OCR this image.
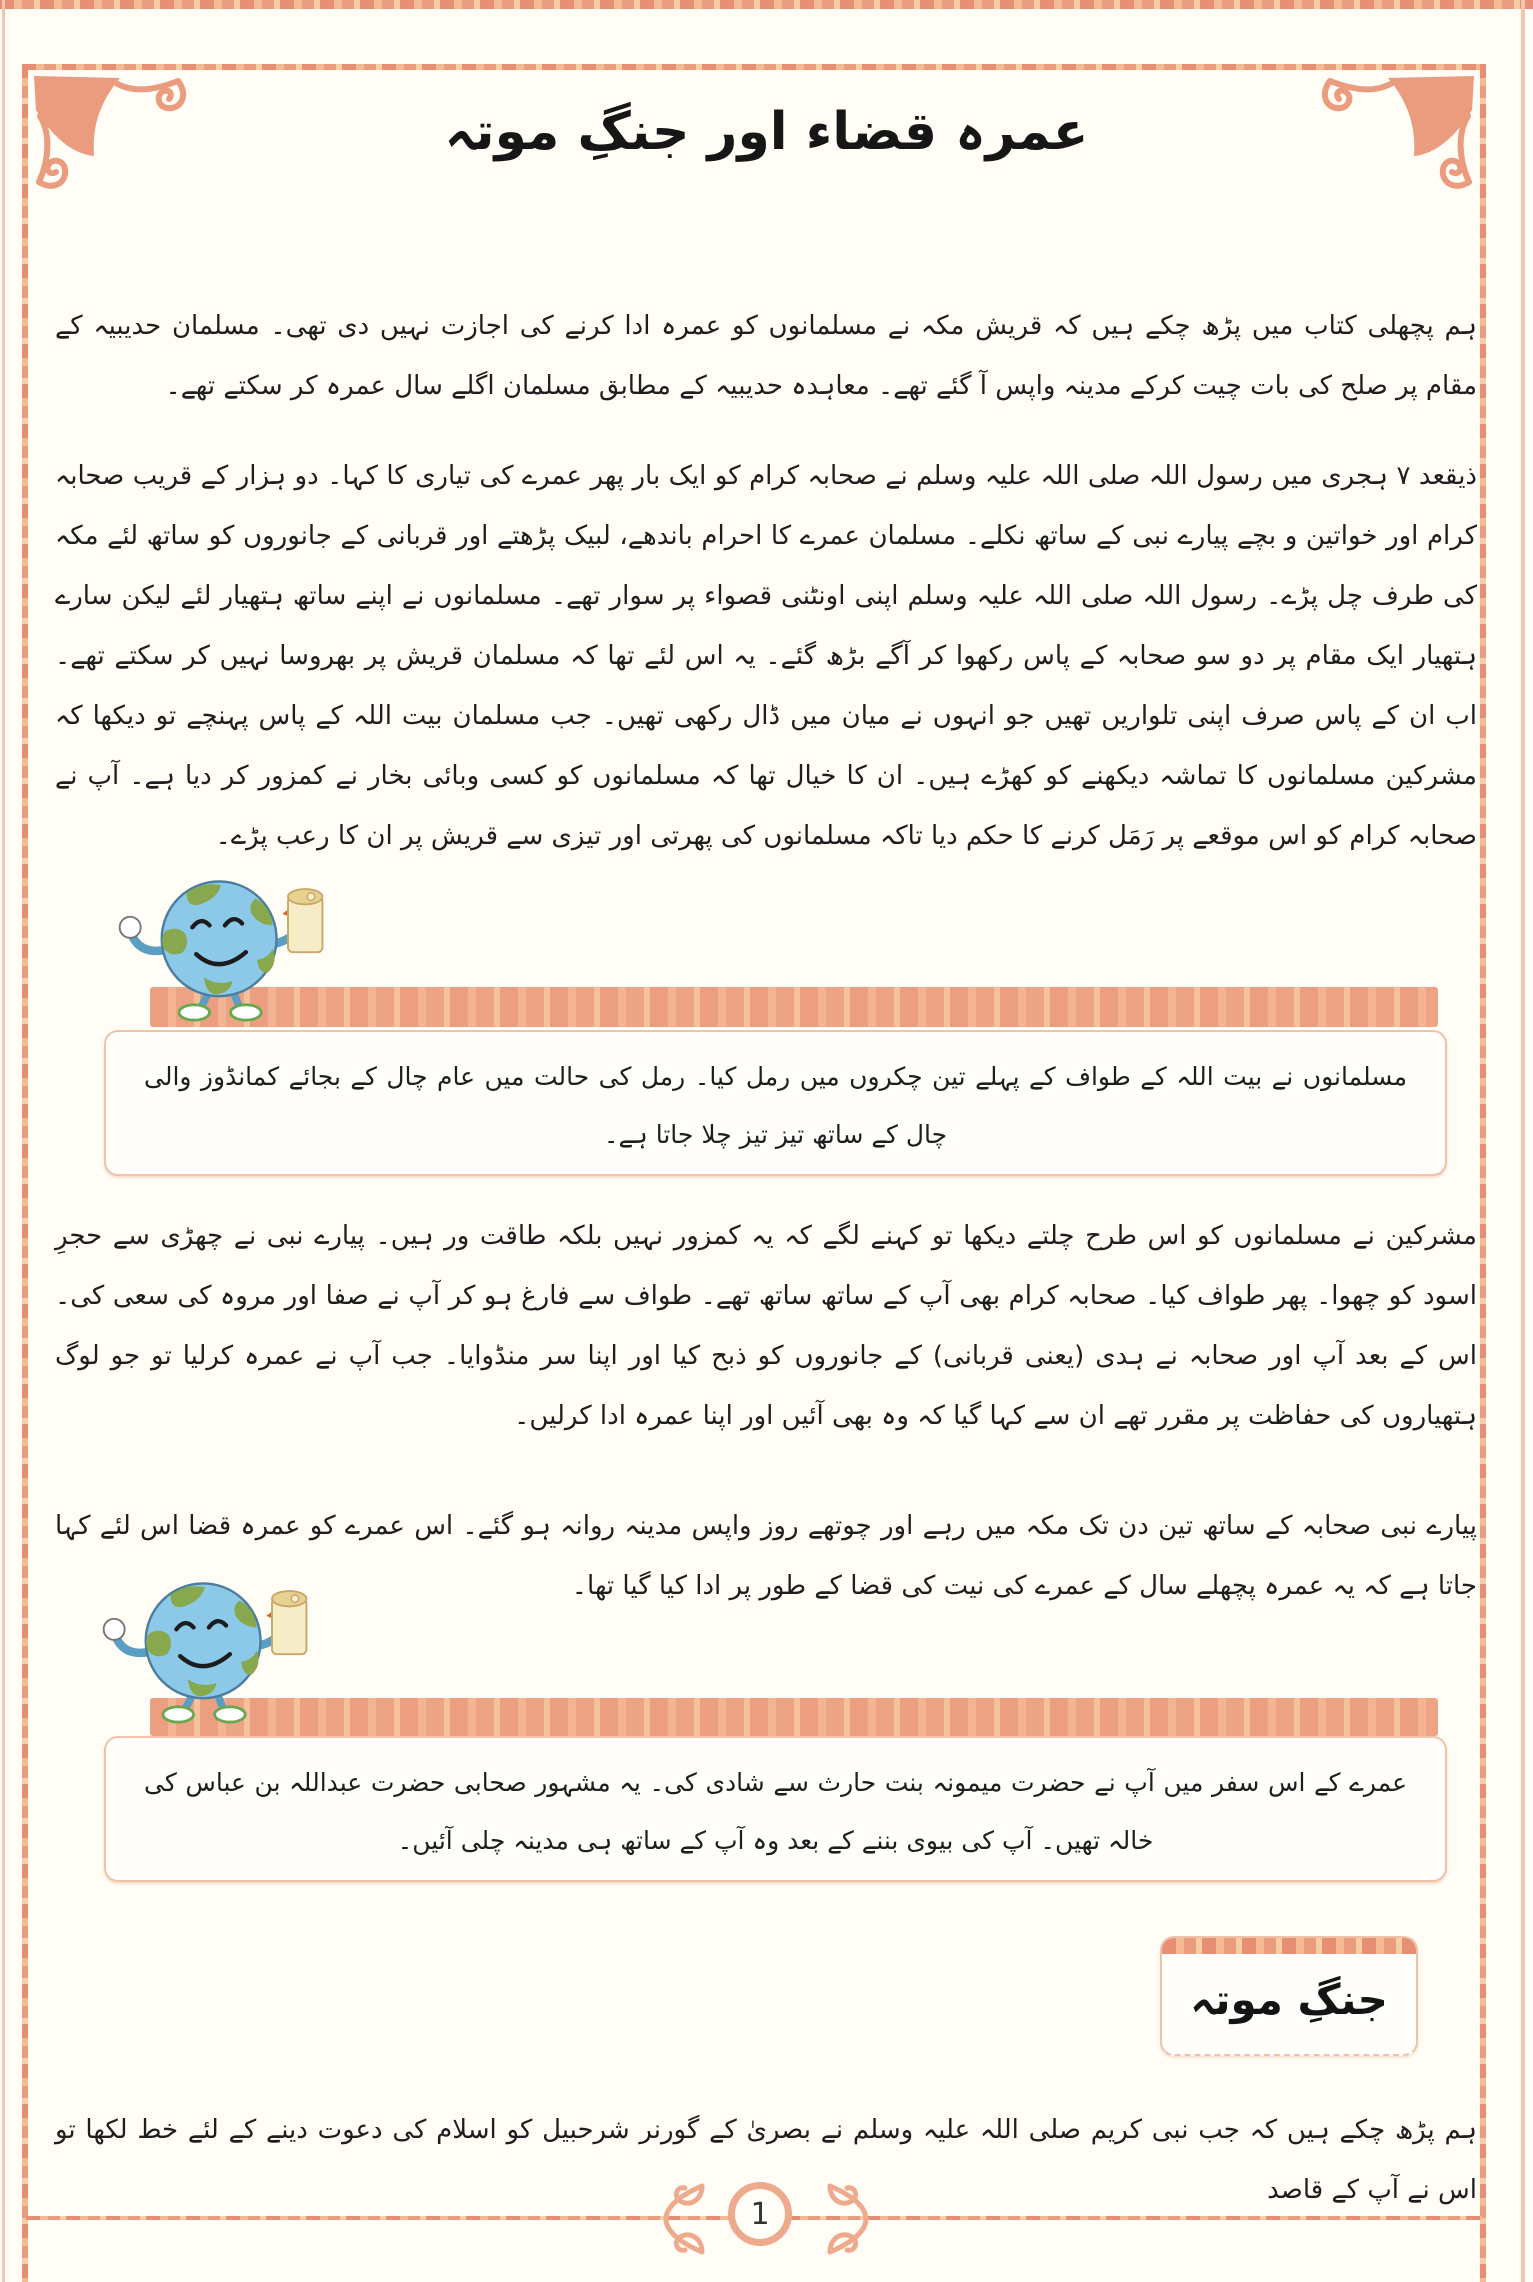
عمرہ قضاء اور جنگِ موتہ
ہم پچھلی کتاب میں پڑھ چکے ہیں کہ قریش مکہ نے مسلمانوں کو عمرہ ادا کرنے کی اجازت نہیں دی تھی۔ مسلمان حدیبیہ کے مقام پر صلح کی بات چیت کرکے مدینہ واپس آ گئے تھے۔ معاہدہ حدیبیہ کے مطابق مسلمان اگلے سال عمرہ کر سکتے تھے۔
ذیقعد ۷ ہجری میں رسول اللہ صلی اللہ علیہ وسلم نے صحابہ کرام کو ایک بار پھر عمرے کی تیاری کا کہا۔ دو ہزار کے قریب صحابہ کرام اور خواتین و بچے پیارے نبی کے ساتھ نکلے۔ مسلمان عمرے کا احرام باندھے، لبیک پڑھتے اور قربانی کے جانوروں کو ساتھ لئے مکہ کی طرف چل پڑے۔ رسول اللہ صلی اللہ علیہ وسلم اپنی اونٹنی قصواء پر سوار تھے۔ مسلمانوں نے اپنے ساتھ ہتھیار لئے لیکن سارے ہتھیار ایک مقام پر دو سو صحابہ کے پاس رکھوا کر آگے بڑھ گئے۔ یہ اس لئے تھا کہ مسلمان قریش پر بھروسا نہیں کر سکتے تھے۔ اب ان کے پاس صرف اپنی تلواریں تھیں جو انہوں نے میان میں ڈال رکھی تھیں۔ جب مسلمان بیت اللہ کے پاس پہنچے تو دیکھا کہ مشرکین مسلمانوں کا تماشہ دیکھنے کو کھڑے ہیں۔ ان کا خیال تھا کہ مسلمانوں کو کسی وبائی بخار نے کمزور کر دیا ہے۔ آپ نے صحابہ کرام کو اس موقعے پر رَمَل کرنے کا حکم دیا تاکہ مسلمانوں کی پھرتی اور تیزی سے قریش پر ان کا رعب پڑے۔
مسلمانوں نے بیت اللہ کے طواف کے پہلے تین چکروں میں رمل کیا۔ رمل کی حالت میں عام چال کے بجائے کمانڈوز والی چال کے ساتھ تیز تیز چلا جاتا ہے۔
مشرکین نے مسلمانوں کو اس طرح چلتے دیکھا تو کہنے لگے کہ یہ کمزور نہیں بلکہ طاقت ور ہیں۔ پیارے نبی نے چھڑی سے حجرِ اسود کو چھوا۔ پھر طواف کیا۔ صحابہ کرام بھی آپ کے ساتھ ساتھ تھے۔ طواف سے فارغ ہو کر آپ نے صفا اور مروہ کی سعی کی۔ اس کے بعد آپ اور صحابہ نے ہدی (یعنی قربانی) کے جانوروں کو ذبح کیا اور اپنا سر منڈوایا۔ جب آپ نے عمرہ کرلیا تو جو لوگ ہتھیاروں کی حفاظت پر مقرر تھے ان سے کہا گیا کہ وہ بھی آئیں اور اپنا عمرہ ادا کرلیں۔
پیارے نبی صحابہ کے ساتھ تین دن تک مکہ میں رہے اور چوتھے روز واپس مدینہ روانہ ہو گئے۔ اس عمرے کو عمرہ قضا اس لئے کہا جاتا ہے کہ یہ عمرہ پچھلے سال کے عمرے کی نیت کی قضا کے طور پر ادا کیا گیا تھا۔
عمرے کے اس سفر میں آپ نے حضرت میمونہ بنت حارث سے شادی کی۔ یہ مشہور صحابی حضرت عبداللہ بن عباس کی خالہ تھیں۔ آپ کی بیوی بننے کے بعد وہ آپ کے ساتھ ہی مدینہ چلی آئیں۔
جنگِ موتہ
ہم پڑھ چکے ہیں کہ جب نبی کریم صلی اللہ علیہ وسلم نے بصریٰ کے گورنر شرحبیل کو اسلام کی دعوت دینے کے لئے خط لکھا تو اس نے آپ کے قاصد
1
